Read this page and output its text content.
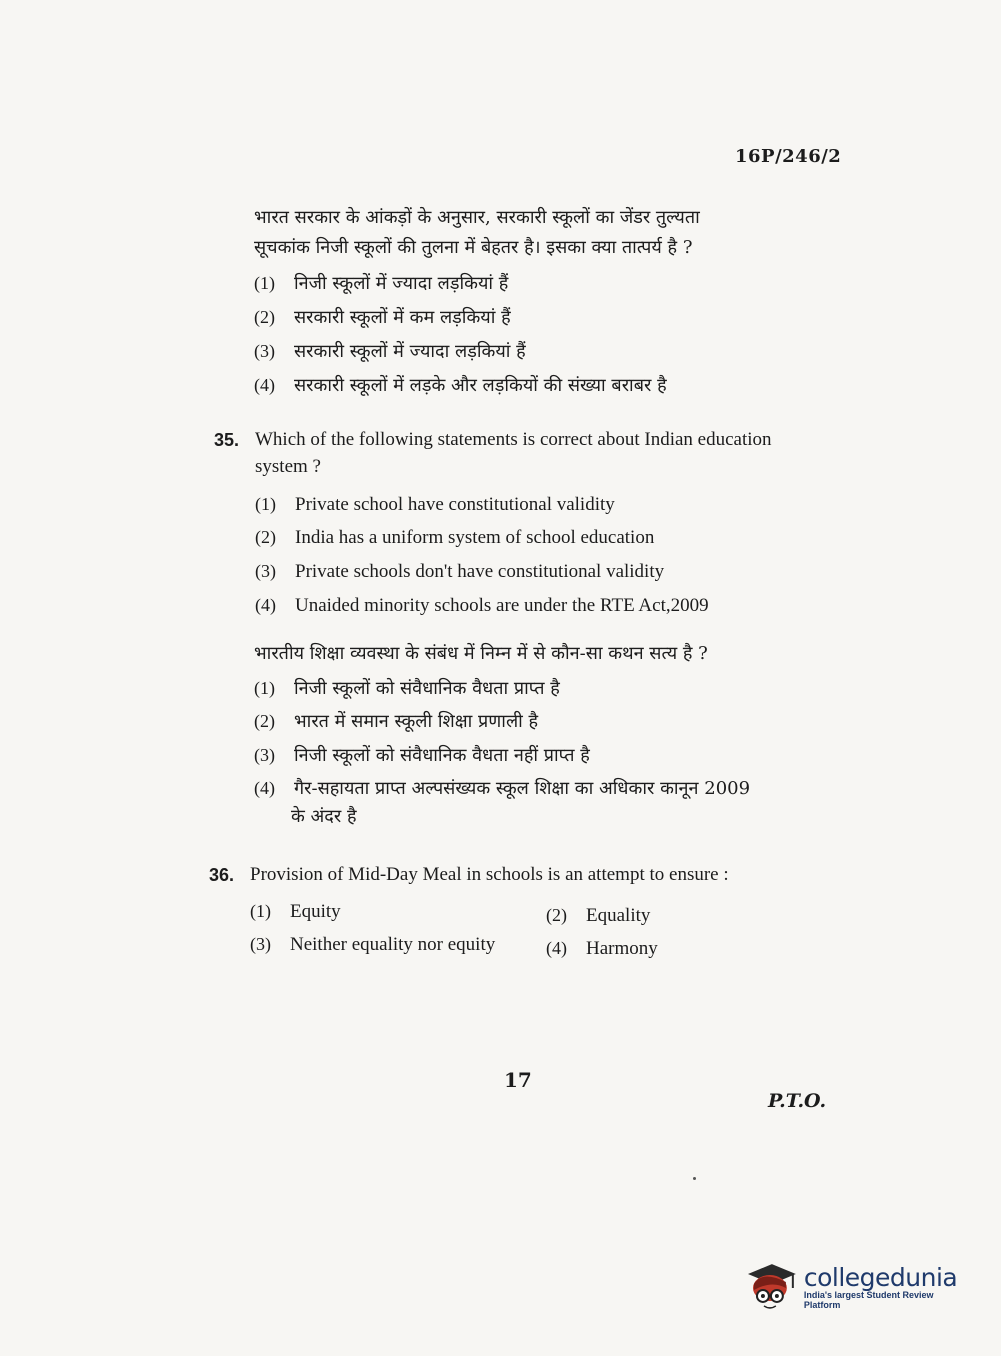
16P/246/2
भारत सरकार के आंकड़ों के अनुसार, सरकारी स्कूलों का जेंडर तुल्यता
सूचकांक निजी स्कूलों की तुलना में बेहतर है। इसका क्या तात्पर्य है ?
(1)	निजी स्कूलों में ज्यादा लड़कियां हैं
(2)	सरकारी स्कूलों में कम लड़कियां हैं
(3)	सरकारी स्कूलों में ज्यादा लड़कियां हैं
(4)	सरकारी स्कूलों में लड़के और लड़कियों की संख्या बराबर है
35. Which of the following statements is correct about Indian education
system ?
(1)	Private school have constitutional validity
(2)	India has a uniform system of school education
(3)	Private schools don't have constitutional validity
(4)	Unaided minority schools are under the RTE Act,2009
भारतीय शिक्षा व्यवस्था के संबंध में निम्न में से कौन-सा कथन सत्य है ?
(1)	निजी स्कूलों को संवैधानिक वैधता प्राप्त है
(2)	भारत में समान स्कूली शिक्षा प्रणाली है
(3)	निजी स्कूलों को संवैधानिक वैधता नहीं प्राप्त है
(4)	गैर-सहायता प्राप्त अल्पसंख्यक स्कूल शिक्षा का अधिकार कानून 2009
के अंदर है
36. Provision of Mid-Day Meal in schools is an attempt to ensure :
(1)	Equity	(2)	Equality
(3)	Neither equality nor equity	(4)	Harmony
17
P.T.O.
collegedunia
India's largest Student Review Platform
